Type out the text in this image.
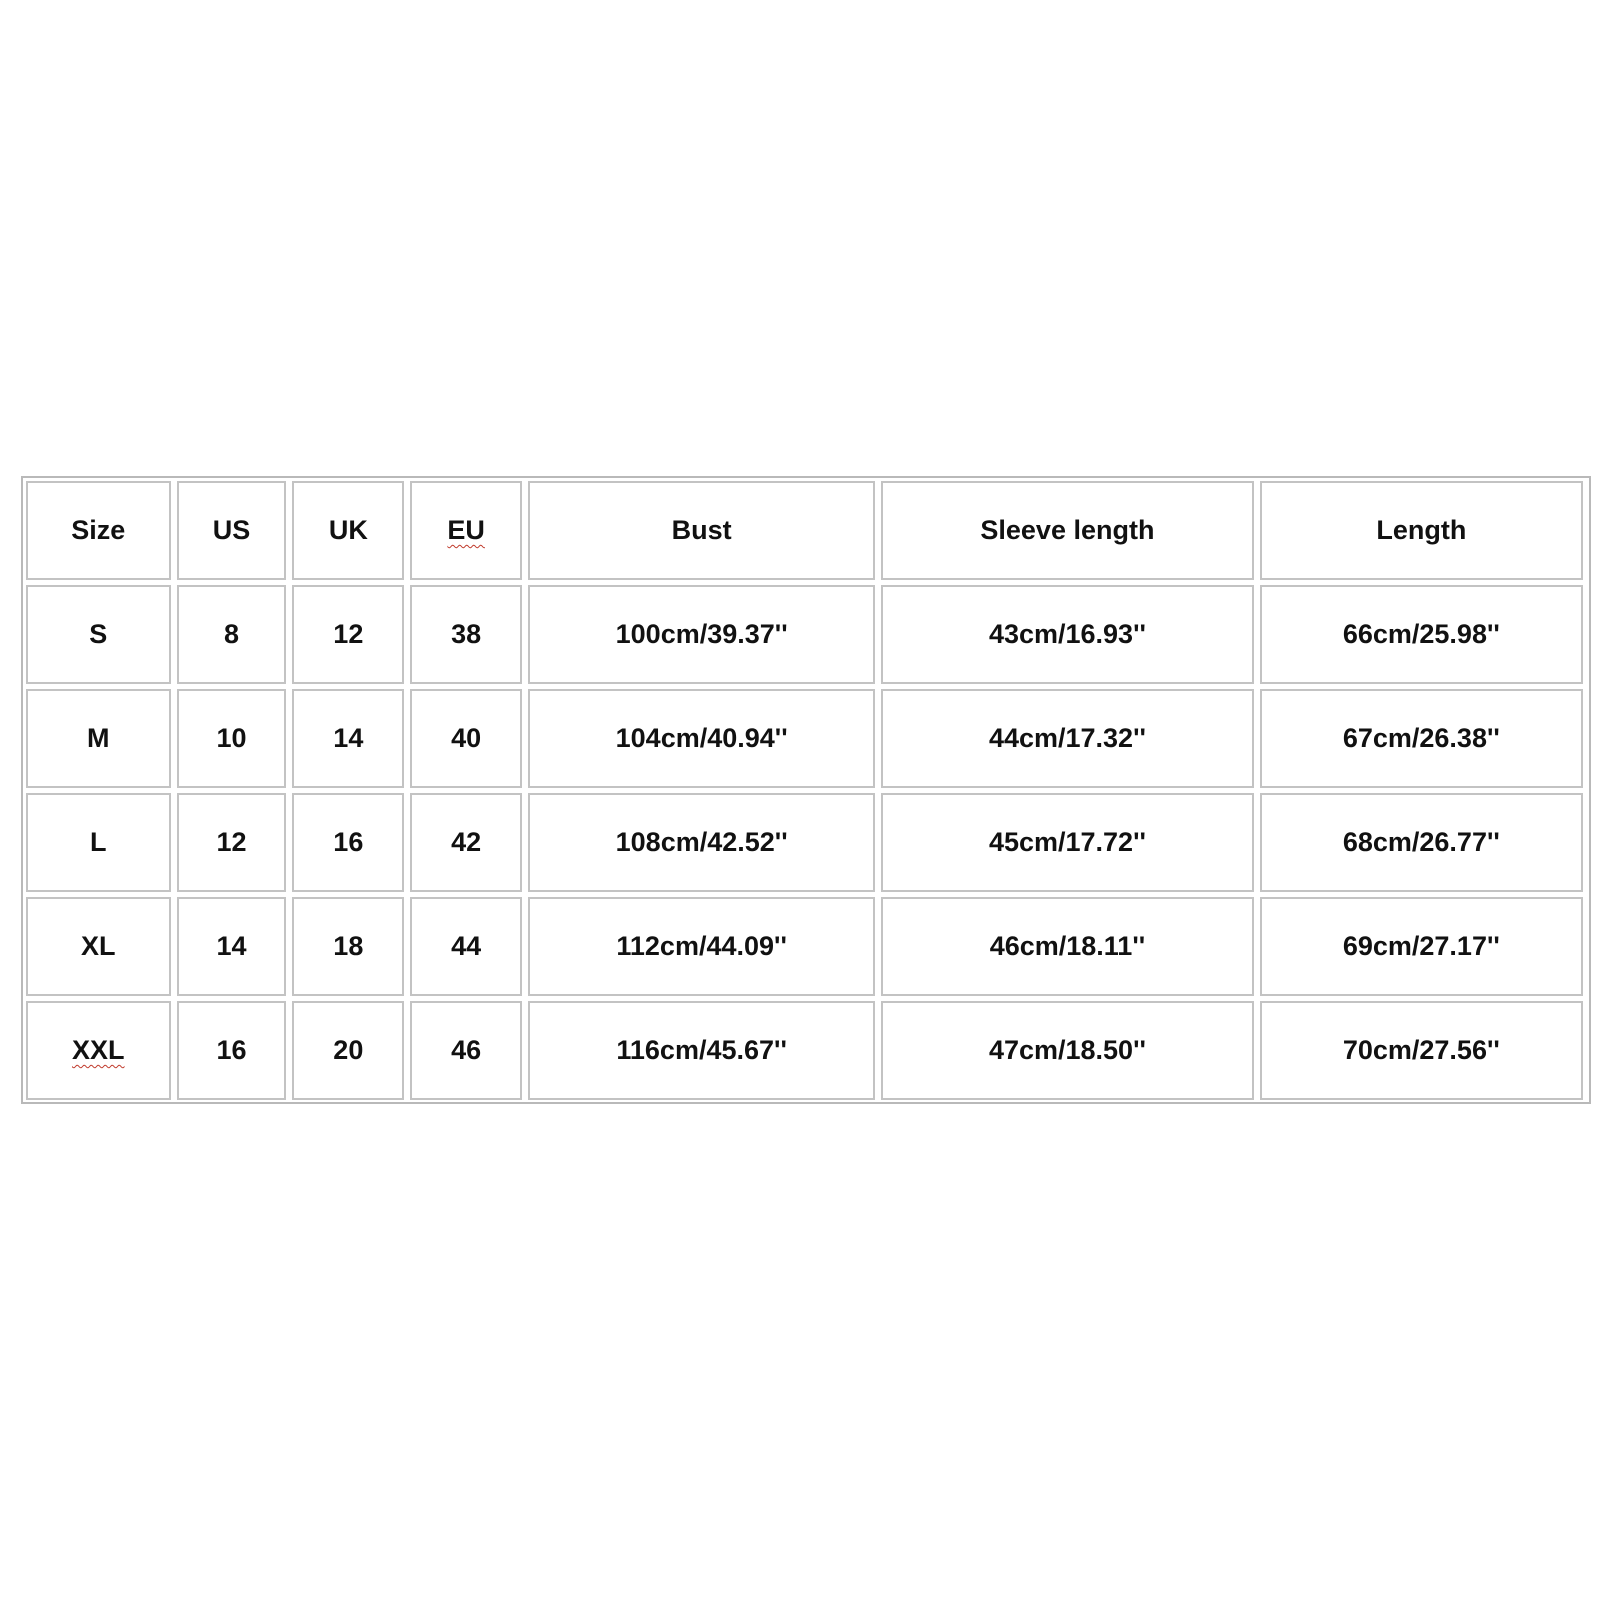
Size	US	UK	EU	Bust	Sleeve length	Length
S	8	12	38	100cm/39.37''	43cm/16.93''	66cm/25.98''
M	10	14	40	104cm/40.94''	44cm/17.32''	67cm/26.38''
L	12	16	42	108cm/42.52''	45cm/17.72''	68cm/26.77''
XL	14	18	44	112cm/44.09''	46cm/18.11''	69cm/27.17''
XXL	16	20	46	116cm/45.67''	47cm/18.50''	70cm/27.56''
